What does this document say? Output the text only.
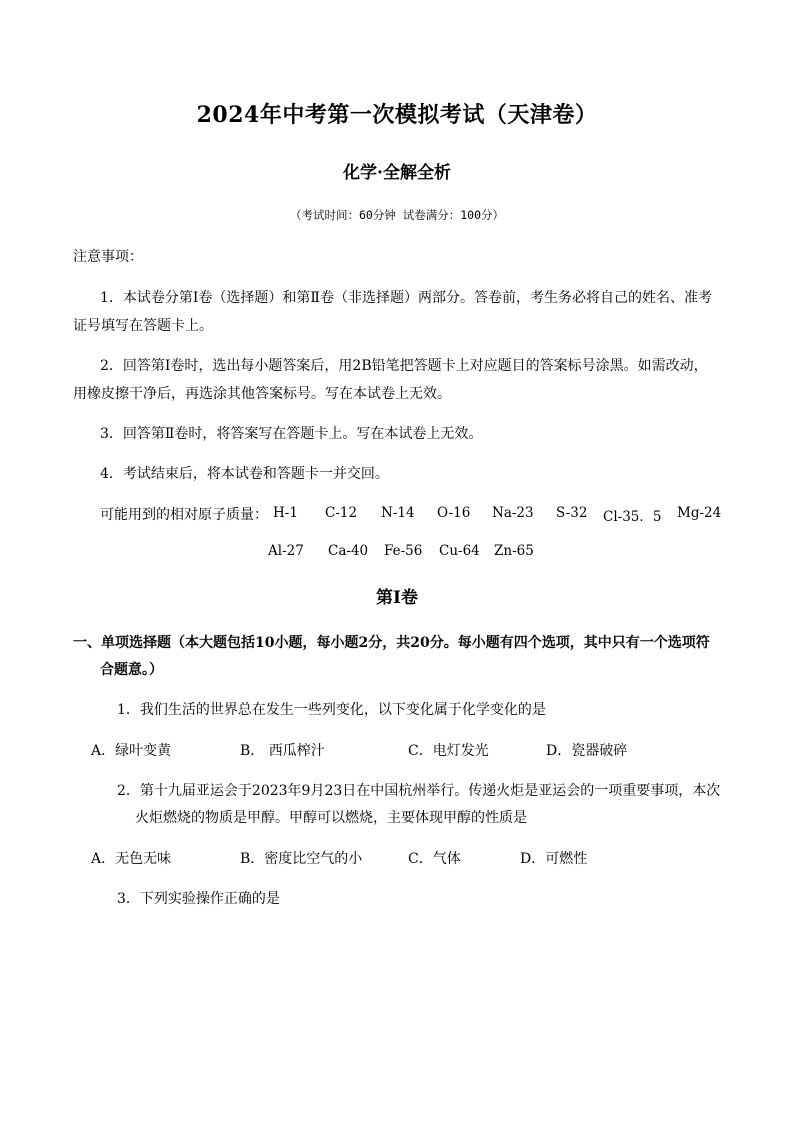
2024年中考第一次模拟考试（天津卷）
化学·全解全析
（考试时间：60分钟 试卷满分：100分）
注意事项：
1．本试卷分第Ⅰ卷（选择题）和第Ⅱ卷（非选择题）两部分。答卷前，考生务必将自己的姓名、准考
证号填写在答题卡上。
2．回答第Ⅰ卷时，选出每小题答案后，用2B铅笔把答题卡上对应题目的答案标号涂黑。如需改动，
用橡皮擦干净后，再选涂其他答案标号。写在本试卷上无效。
3．回答第Ⅱ卷时，将答案写在答题卡上。写在本试卷上无效。
4．考试结束后，将本试卷和答题卡一并交回。
可能用到的相对原子质量： H-1 C-12 N-14 O-16 Na-23 S-32 Cl-35．5 Mg-24
Al-27 Ca-40 Fe-56 Cu-64 Zn-65
第Ⅰ卷
一、单项选择题（本大题包括10小题，每小题2分，共20分。每小题有四个选项，其中只有一个选项符
合题意。）
1．我们生活的世界总在发生一些列变化，以下变化属于化学变化的是
A．绿叶变黄	B． 西瓜榨汁	C．电灯发光	D．瓷器破碎
2．第十九届亚运会于2023年9月23日在中国杭州举行。传递火炬是亚运会的一项重要事项，本次
火炬燃烧的物质是甲醇。甲醇可以燃烧，主要体现甲醇的性质是
A．无色无味	B．密度比空气的小	C．气体	D．可燃性
3．下列实验操作正确的是
